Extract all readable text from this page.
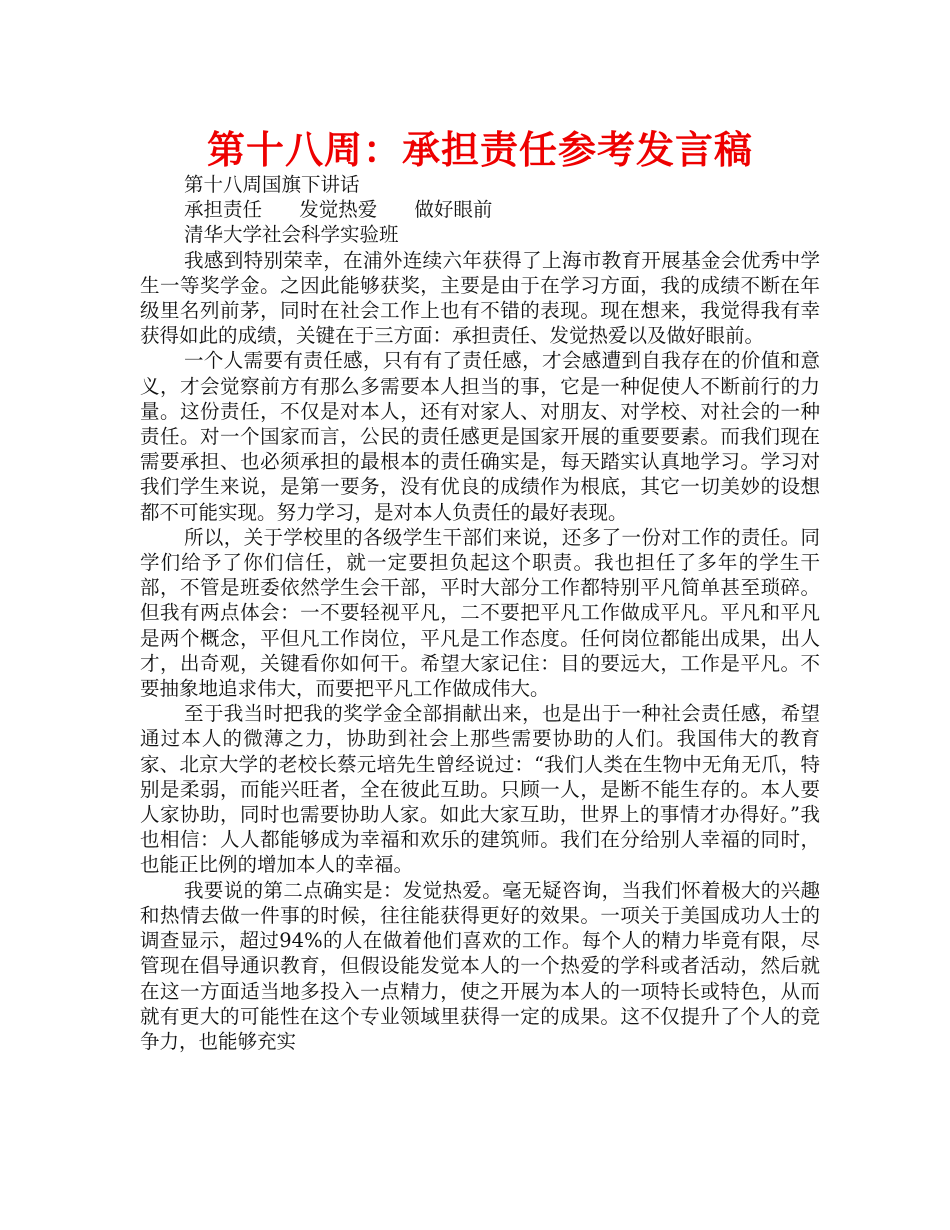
第十八周：承担责任参考发言稿
第十八周国旗下讲话
承担责任      发觉热爱      做好眼前
清华大学社会科学实验班

我感到特别荣幸，在浦外连续六年获得了上海市教育开展基金会优秀中学生一等奖学金。之因此能够获奖，主要是由于在学习方面，我的成绩不断在年级里名列前茅，同时在社会工作上也有不错的表现。现在想来，我觉得我有幸获得如此的成绩，关键在于三方面：承担责任、发觉热爱以及做好眼前。

一个人需要有责任感，只有有了责任感，才会感遭到自我存在的价值和意义，才会觉察前方有那么多需要本人担当的事，它是一种促使人不断前行的力量。这份责任，不仅是对本人，还有对家人、对朋友、对学校、对社会的一种责任。对一个国家而言，公民的责任感更是国家开展的重要要素。而我们现在需要承担、也必须承担的最根本的责任确实是，每天踏实认真地学习。学习对我们学生来说，是第一要务，没有优良的成绩作为根底，其它一切美妙的设想都不可能实现。努力学习，是对本人负责任的最好表现。

所以，关于学校里的各级学生干部们来说，还多了一份对工作的责任。同学们给予了你们信任，就一定要担负起这个职责。我也担任了多年的学生干部，不管是班委依然学生会干部，平时大部分工作都特别平凡简单甚至琐碎。但我有两点体会：一不要轻视平凡，二不要把平凡工作做成平凡。平凡和平凡是两个概念，平但凡工作岗位，平凡是工作态度。任何岗位都能出成果，出人才，出奇观，关键看你如何干。希望大家记住：目的要远大，工作是平凡。不要抽象地追求伟大，而要把平凡工作做成伟大。

至于我当时把我的奖学金全部捐献出来，也是出于一种社会责任感，希望通过本人的微薄之力，协助到社会上那些需要协助的人们。我国伟大的教育家、北京大学的老校长蔡元培先生曾经说过：“我们人类在生物中无角无爪，特别是柔弱，而能兴旺者，全在彼此互助。只顾一人，是断不能生存的。本人要人家协助，同时也需要协助人家。如此大家互助，世界上的事情才办得好。”我也相信：人人都能够成为幸福和欢乐的建筑师。我们在分给别人幸福的同时，也能正比例的增加本人的幸福。

我要说的第二点确实是：发觉热爱。毫无疑咨询，当我们怀着极大的兴趣和热情去做一件事的时候，往往能获得更好的效果。一项关于美国成功人士的调查显示，超过94%的人在做着他们喜欢的工作。每个人的精力毕竟有限，尽管现在倡导通识教育，但假设能发觉本人的一个热爱的学科或者活动，然后就在这一方面适当地多投入一点精力，使之开展为本人的一项特长或特色，从而就有更大的可能性在这个专业领域里获得一定的成果。这不仅提升了个人的竞争力，也能够充实
